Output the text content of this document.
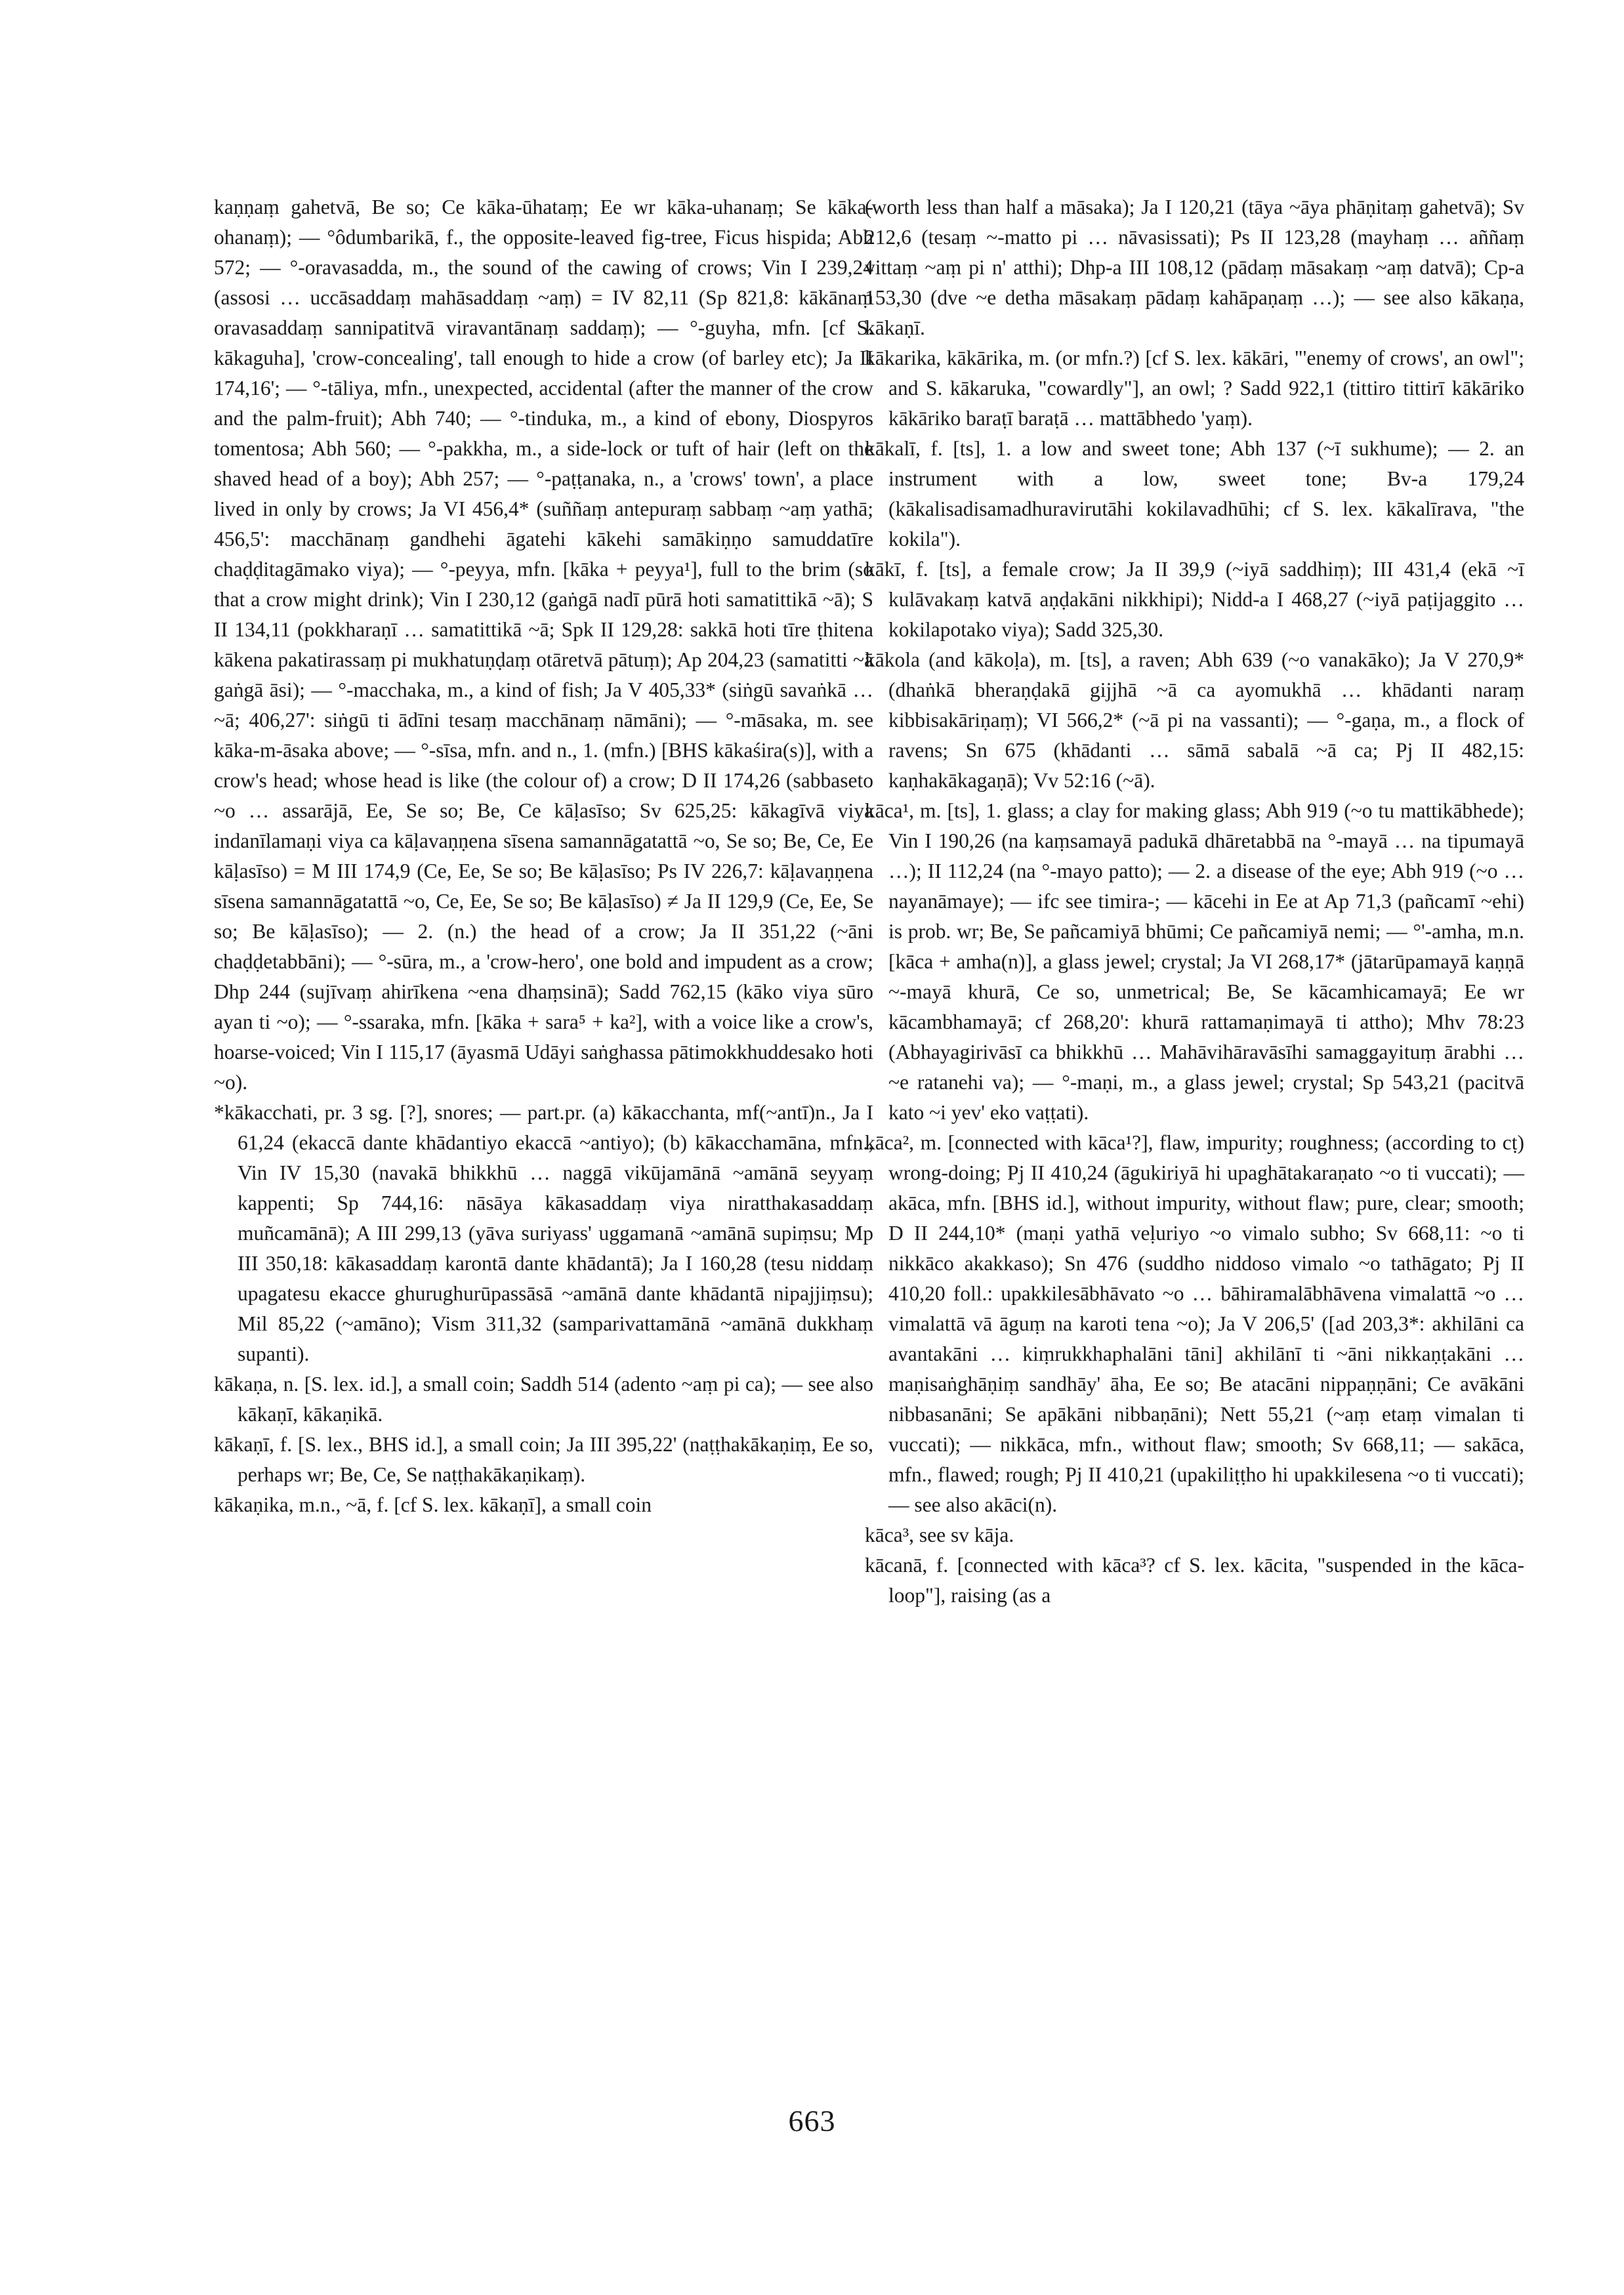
kaṇṇaṃ gahetvā, Be so; Ce kāka-ūhataṃ; Ee wr kāka-uhanaṃ; Se kāka-ohanaṃ); — °ôdumbarikā, f., the opposite-leaved fig-tree, Ficus hispida; Abh 572; — °-oravasadda, m., the sound of the cawing of crows; Vin I 239,24 (assosi … uccāsaddaṃ mahāsaddaṃ ~aṃ) = IV 82,11 (Sp 821,8: kākānaṃ oravasaddaṃ sannipatitvā viravantānaṃ saddaṃ); — °-guyha, mfn. [cf S. kākaguha], 'crow-concealing', tall enough to hide a crow (of barley etc); Ja II 174,16'; — °-tāliya, mfn., unexpected, accidental (after the manner of the crow and the palm-fruit); Abh 740; — °-tinduka, m., a kind of ebony, Diospyros tomentosa; Abh 560; — °-pakkha, m., a side-lock or tuft of hair (left on the shaved head of a boy); Abh 257; — °-paṭṭanaka, n., a 'crows' town', a place lived in only by crows; Ja VI 456,4* (suññaṃ antepuraṃ sabbaṃ ~aṃ yathā; 456,5': macchānaṃ gandhehi āgatehi kākehi samākiṇṇo samuddatīre chaḍḍitagāmako viya); — °-peyya, mfn. [kāka + peyya¹], full to the brim (so that a crow might drink); Vin I 230,12 (gaṅgā nadī pūrā hoti samatittikā ~ā); S II 134,11 (pokkharaṇī … samatittikā ~ā; Spk II 129,28: sakkā hoti tīre ṭhitena kākena pakatirassaṃ pi mukhatuṇḍaṃ otāretvā pātuṃ); Ap 204,23 (samatitti ~ā gaṅgā āsi); — °-macchaka, m., a kind of fish; Ja V 405,33* (siṅgū savaṅkā … ~ā; 406,27': siṅgū ti ādīni tesaṃ macchānaṃ nāmāni); — °-māsaka, m. see kāka-m-āsaka above; — °-sīsa, mfn. and n., 1. (mfn.) [BHS kākaśira(s)], with a crow's head; whose head is like (the colour of) a crow; D II 174,26 (sabbaseto ~o … assarājā, Ee, Se so; Be, Ce kāḷasīso; Sv 625,25: kākagīvā viya indanīlamaṇi viya ca kāḷavaṇṇena sīsena samannāgatattā ~o, Se so; Be, Ce, Ee kāḷasīso) = M III 174,9 (Ce, Ee, Se so; Be kāḷasīso; Ps IV 226,7: kāḷavaṇṇena sīsena samannāgatattā ~o, Ce, Ee, Se so; Be kāḷasīso) ≠ Ja II 129,9 (Ce, Ee, Se so; Be kāḷasīso); — 2. (n.) the head of a crow; Ja II 351,22 (~āni chaḍḍetabbāni); — °-sūra, m., a 'crow-hero', one bold and impudent as a crow; Dhp 244 (sujīvaṃ ahirīkena ~ena dhaṃsinā); Sadd 762,15 (kāko viya sūro ayan ti ~o); — °-ssaraka, mfn. [kāka + sara⁵ + ka²], with a voice like a crow's, hoarse-voiced; Vin I 115,17 (āyasmā Udāyi saṅghassa pātimokkhuddesako hoti ~o).

*kākacchati, pr. 3 sg. [?], snores; — part.pr. (a) kākacchanta, mf(~antī)n., Ja I 61,24 (ekaccā dante khādantiyo ekaccā ~antiyo); (b) kākacchamāna, mfn., Vin IV 15,30 (navakā bhikkhū … naggā vikūjamānā ~amānā seyyaṃ kappenti; Sp 744,16: nāsāya kākasaddaṃ viya niratthakasaddaṃ muñcamānā); A III 299,13 (yāva suriyass' uggamanā ~amānā supiṃsu; Mp III 350,18: kākasaddaṃ karontā dante khādantā); Ja I 160,28 (tesu niddaṃ upagatesu ekacce ghurughurūpassāsā ~amānā dante khādantā nipajjiṃsu); Mil 85,22 (~amāno); Vism 311,32 (samparivattamānā ~amānā dukkhaṃ supanti).

kākaṇa, n. [S. lex. id.], a small coin; Saddh 514 (adento ~aṃ pi ca); — see also kākaṇī, kākaṇikā.

kākaṇī, f. [S. lex., BHS id.], a small coin; Ja III 395,22' (naṭṭhakākaṇiṃ, Ee so, perhaps wr; Be, Ce, Se naṭṭhakākaṇikaṃ).

kākaṇika, m.n., ~ā, f. [cf S. lex. kākaṇī], a small coin

(worth less than half a māsaka); Ja I 120,21 (tāya ~āya phāṇitaṃ gahetvā); Sv 212,6 (tesaṃ ~-matto pi … nāvasissati); Ps II 123,28 (mayhaṃ … aññaṃ vittaṃ ~aṃ pi n' atthi); Dhp-a III 108,12 (pādaṃ māsakaṃ ~aṃ datvā); Cp-a 153,30 (dve ~e detha māsakaṃ pādaṃ kahāpaṇaṃ …); — see also kākaṇa, kākaṇī.

kākarika, kākārika, m. (or mfn.?) [cf S. lex. kākāri, "'enemy of crows', an owl"; and S. kākaruka, "cowardly"], an owl; ? Sadd 922,1 (tittiro tittirī kākāriko kākāriko baraṭī baraṭā … mattābhedo 'yaṃ).

kākalī, f. [ts], 1. a low and sweet tone; Abh 137 (~ī sukhume); — 2. an instrument with a low, sweet tone; Bv-a 179,24 (kākalisadisamadhuravirutāhi kokilavadhūhi; cf S. lex. kākalīrava, "the kokila").

kākī, f. [ts], a female crow; Ja II 39,9 (~iyā saddhiṃ); III 431,4 (ekā ~ī kulāvakaṃ katvā aṇḍakāni nikkhipi); Nidd-a I 468,27 (~iyā paṭijaggito … kokilapotako viya); Sadd 325,30.

kākola (and kākoḷa), m. [ts], a raven; Abh 639 (~o vanakāko); Ja V 270,9* (dhaṅkā bheraṇḍakā gijjhā ~ā ca ayomukhā … khādanti naraṃ kibbisakāriṇaṃ); VI 566,2* (~ā pi na vassanti); — °-gaṇa, m., a flock of ravens; Sn 675 (khādanti … sāmā sabalā ~ā ca; Pj II 482,15: kaṇhakākagaṇā); Vv 52:16 (~ā).

kāca¹, m. [ts], 1. glass; a clay for making glass; Abh 919 (~o tu mattikābhede); Vin I 190,26 (na kaṃsamayā padukā dhāretabbā na °-mayā … na tipumayā …); II 112,24 (na °-mayo patto); — 2. a disease of the eye; Abh 919 (~o … nayanāmaye); — ifc see timira-; — kācehi in Ee at Ap 71,3 (pañcamī ~ehi) is prob. wr; Be, Se pañcamiyā bhūmi; Ce pañcamiyā nemi; — °'-amha, m.n. [kāca + amha(n)], a glass jewel; crystal; Ja VI 268,17* (jātarūpamayā kaṇṇā ~-mayā khurā, Ce so, unmetrical; Be, Se kācamhicamayā; Ee wr kācambhamayā; cf 268,20': khurā rattamaṇimayā ti attho); Mhv 78:23 (Abhayagirivāsī ca bhikkhū … Mahāvihāravāsīhi samaggayituṃ ārabhi … ~e ratanehi va); — °-maṇi, m., a glass jewel; crystal; Sp 543,21 (pacitvā kato ~i yev' eko vaṭṭati).

kāca², m. [connected with kāca¹?], flaw, impurity; roughness; (according to cṭ) wrong-doing; Pj II 410,24 (āgukiriyā hi upaghātakaraṇato ~o ti vuccati); — akāca, mfn. [BHS id.], without impurity, without flaw; pure, clear; smooth; D II 244,10* (maṇi yathā veḷuriyo ~o vimalo subho; Sv 668,11: ~o ti nikkāco akakkaso); Sn 476 (suddho niddoso vimalo ~o tathāgato; Pj II 410,20 foll.: upakkilesābhāvato ~o … bāhiramalābhāvena vimalattā ~o … vimalattā vā āguṃ na karoti tena ~o); Ja V 206,5' ([ad 203,3*: akhilāni ca avantakāni … kiṃrukkhaphalāni tāni] akhilānī ti ~āni nikkaṇṭakāni … maṇisaṅghāṇiṃ sandhāy' āha, Ee so; Be atacāni nippaṇṇāni; Ce avākāni nibbasanāni; Se apākāni nibbaṇāni); Nett 55,21 (~aṃ etaṃ vimalan ti vuccati); — nikkāca, mfn., without flaw; smooth; Sv 668,11; — sakāca, mfn., flawed; rough; Pj II 410,21 (upakiliṭṭho hi upakkilesena ~o ti vuccati); — see also akāci(n).

kāca³, see sv kāja.

kācanā, f. [connected with kāca³? cf S. lex. kācita, "suspended in the kāca-loop"], raising (as a

663
